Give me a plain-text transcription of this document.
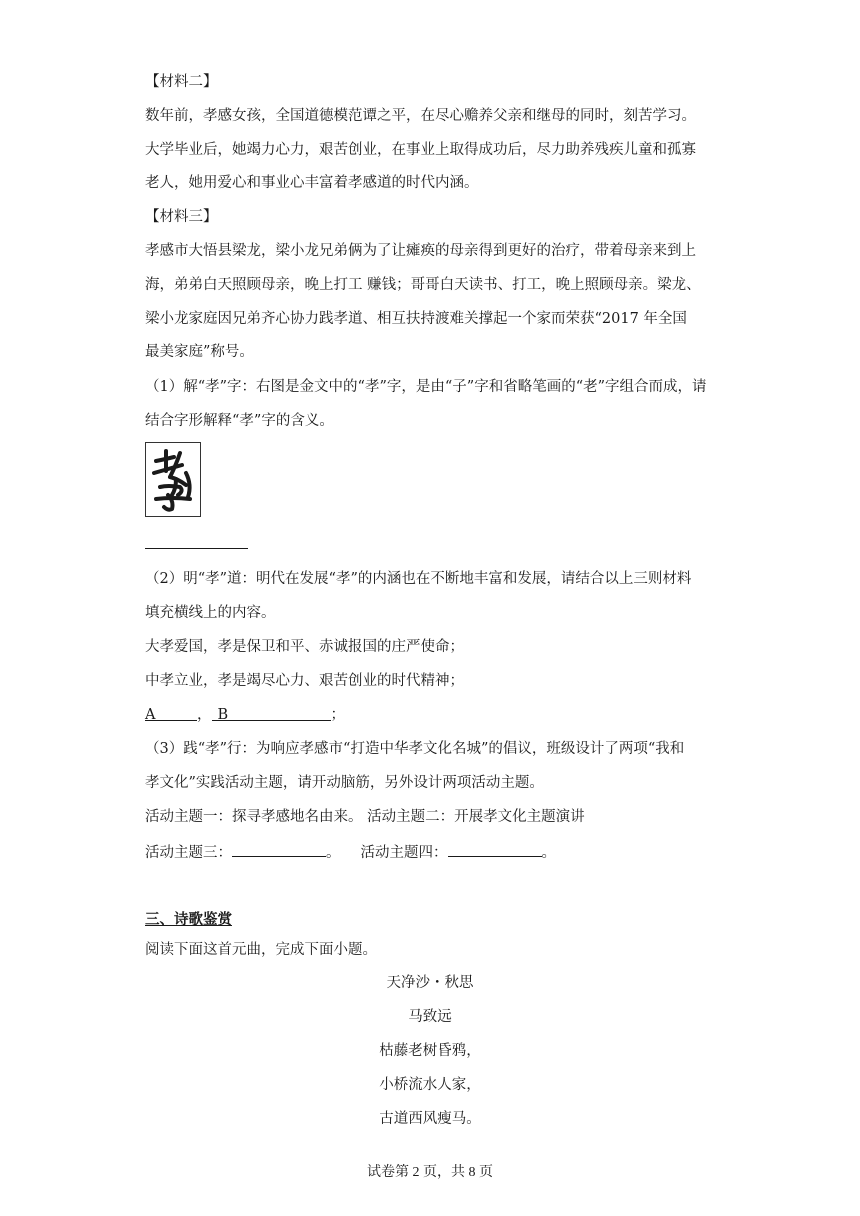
【材料二】
数年前，孝感女孩，全国道德模范谭之平，在尽心赡养父亲和继母的同时，刻苦学习。
大学毕业后，她竭力心力，艰苦创业，在事业上取得成功后，尽力助养残疾儿童和孤寡
老人，她用爱心和事业心丰富着孝感道的时代内涵。
【材料三】
孝感市大悟县梁龙，梁小龙兄弟俩为了让瘫痪的母亲得到更好的治疗，带着母亲来到上
海，弟弟白天照顾母亲，晚上打工 赚钱；哥哥白天读书、打工，晚上照顾母亲。梁龙、
梁小龙家庭因兄弟齐心协力践孝道、相互扶持渡难关撑起一个家而荣获“2017 年全国
最美家庭”称号。
（1）解“孝”字：右图是金文中的“孝”字，是由“子”字和省略笔画的“老”字组合而成，请
结合字形解释“孝”字的含义。
（2）明“孝”道：明代在发展“孝”的内涵也在不断地丰富和发展，请结合以上三则材料
填充横线上的内容。
大孝爱国，孝是保卫和平、赤诚报国的庄严使命；
中孝立业，孝是竭尽心力、艰苦创业的时代精神；
A	， B	；
（3）践“孝”行：为响应孝感市“打造中华孝文化名城”的倡议，班级设计了两项“我和
孝文化”实践活动主题，请开动脑筋，另外设计两项活动主题。
活动主题一：探寻孝感地名由来。 活动主题二：开展孝文化主题演讲
活动主题三：	。 活动主题四：	。
三、诗歌鉴赏
阅读下面这首元曲，完成下面小题。
天净沙・秋思
马致远
枯藤老树昏鸦，
小桥流水人家，
古道西风瘦马。
试卷第 2 页，共 8 页
